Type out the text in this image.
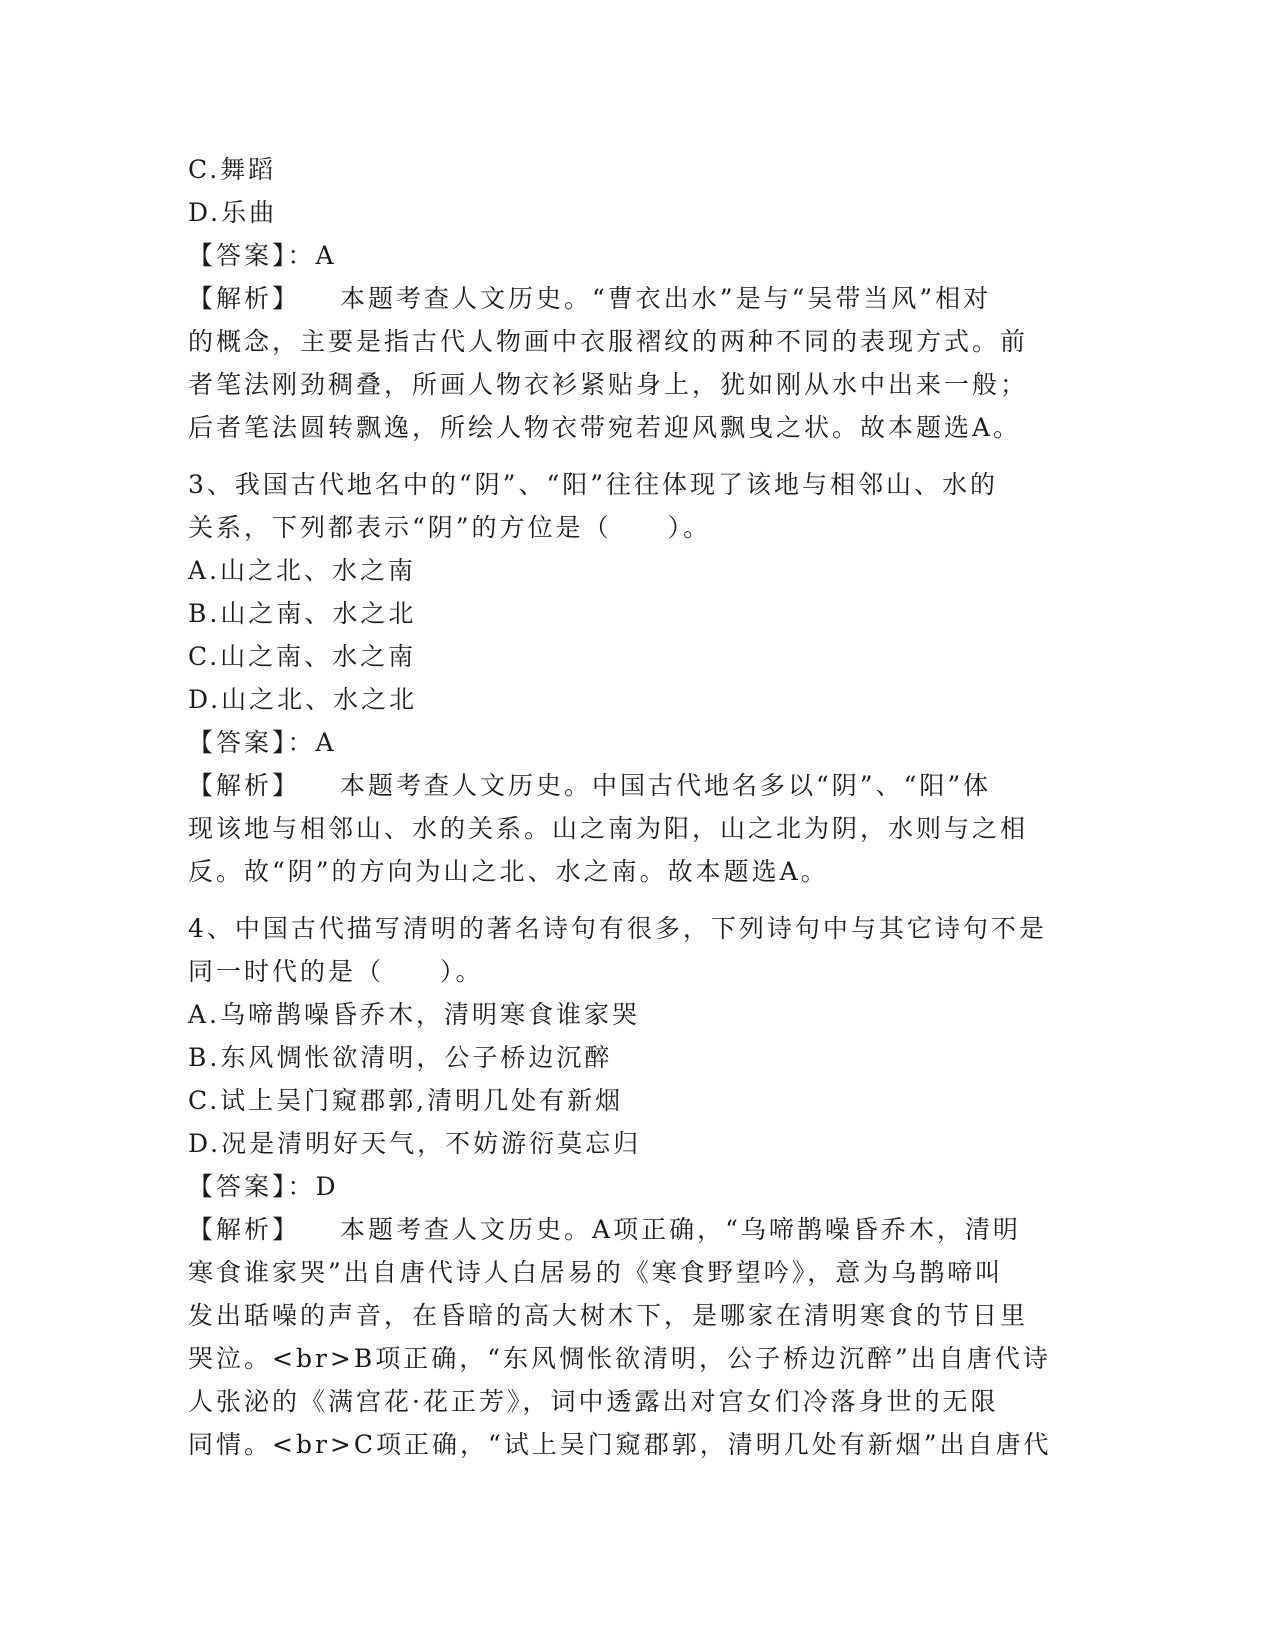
C.舞蹈
D.乐曲
【答案】：A
【解析】 本题考查人文历史。“曹衣出水”是与“吴带当风”相对
的概念，主要是指古代人物画中衣服褶纹的两种不同的表现方式。前
者笔法刚劲稠叠，所画人物衣衫紧贴身上，犹如刚从水中出来一般；
后者笔法圆转飘逸，所绘人物衣带宛若迎风飘曳之状。故本题选A。
3、我国古代地名中的“阴”、“阳”往往体现了该地与相邻山、水的
关系，下列都表示“阴”的方位是（　　）。
A.山之北、水之南
B.山之南、水之北
C.山之南、水之南
D.山之北、水之北
【答案】：A
【解析】 本题考查人文历史。中国古代地名多以“阴”、“阳”体
现该地与相邻山、水的关系。山之南为阳，山之北为阴，水则与之相
反。故“阴”的方向为山之北、水之南。故本题选A。
4、中国古代描写清明的著名诗句有很多，下列诗句中与其它诗句不是
同一时代的是（　　）。
A.乌啼鹊噪昏乔木，清明寒食谁家哭
B.东风惆怅欲清明，公子桥边沉醉
C.试上吴门窥郡郭,清明几处有新烟
D.况是清明好天气，不妨游衍莫忘归
【答案】：D
【解析】 本题考查人文历史。A项正确，“乌啼鹊噪昏乔木，清明
寒食谁家哭”出自唐代诗人白居易的《寒食野望吟》，意为乌鹊啼叫
发出聒噪的声音，在昏暗的高大树木下，是哪家在清明寒食的节日里
哭泣。<br>B项正确，“东风惆怅欲清明，公子桥边沉醉”出自唐代诗
人张泌的《满宫花·花正芳》，词中透露出对宫女们冷落身世的无限
同情。<br>C项正确，“试上吴门窥郡郭，清明几处有新烟”出自唐代
